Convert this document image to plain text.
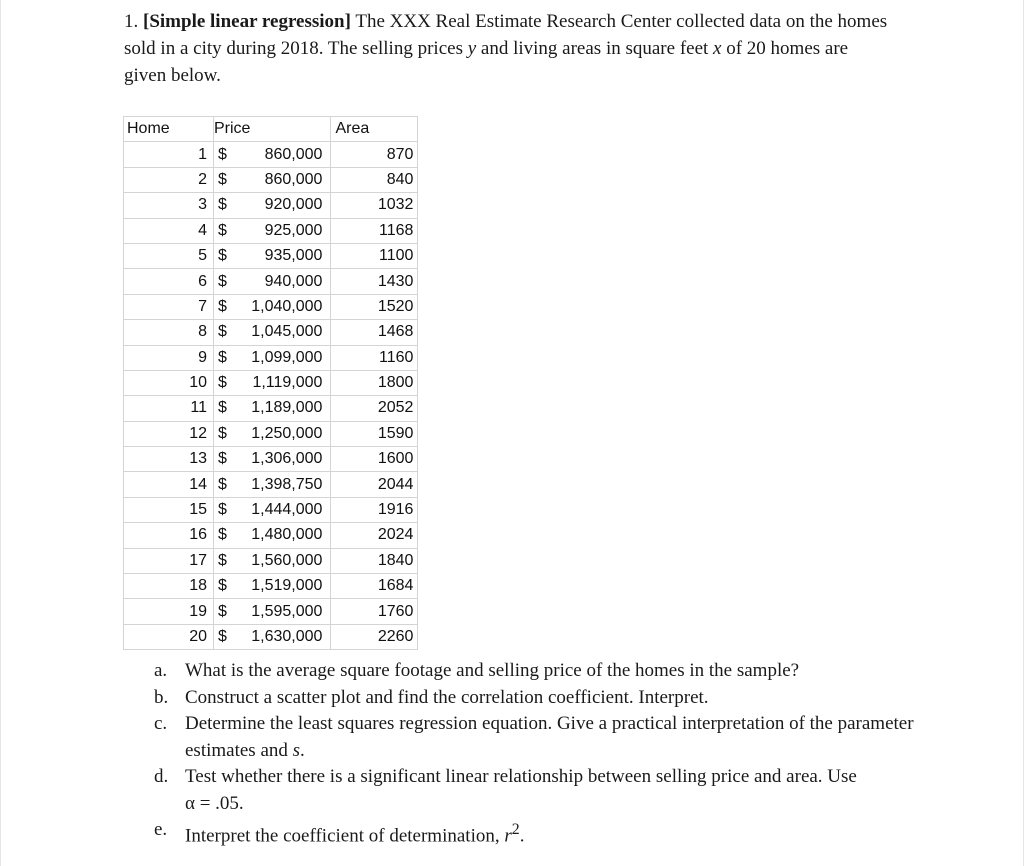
1. [Simple linear regression] The XXX Real Estimate Research Center collected data on the homes sold in a city during 2018. The selling prices y and living areas in square feet x of 20 homes are given below.

Home	Price		Area
1	$	860,000	870
2	$	860,000	840
3	$	920,000	1032
4	$	925,000	1168
5	$	935,000	1100
6	$	940,000	1430
7	$	1,040,000	1520
8	$	1,045,000	1468
9	$	1,099,000	1160
10	$	1,119,000	1800
11	$	1,189,000	2052
12	$	1,250,000	1590
13	$	1,306,000	1600
14	$	1,398,750	2044
15	$	1,444,000	1916
16	$	1,480,000	2024
17	$	1,560,000	1840
18	$	1,519,000	1684
19	$	1,595,000	1760
20	$	1,630,000	2260
a. What is the average square footage and selling price of the homes in the sample?
b. Construct a scatter plot and find the correlation coefficient. Interpret.
c. Determine the least squares regression equation. Give a practical interpretation of the parameter estimates and s.
d. Test whether there is a significant linear relationship between selling price and area. Use
α = .05.
e. Interpret the coefficient of determination, $r^2$.
